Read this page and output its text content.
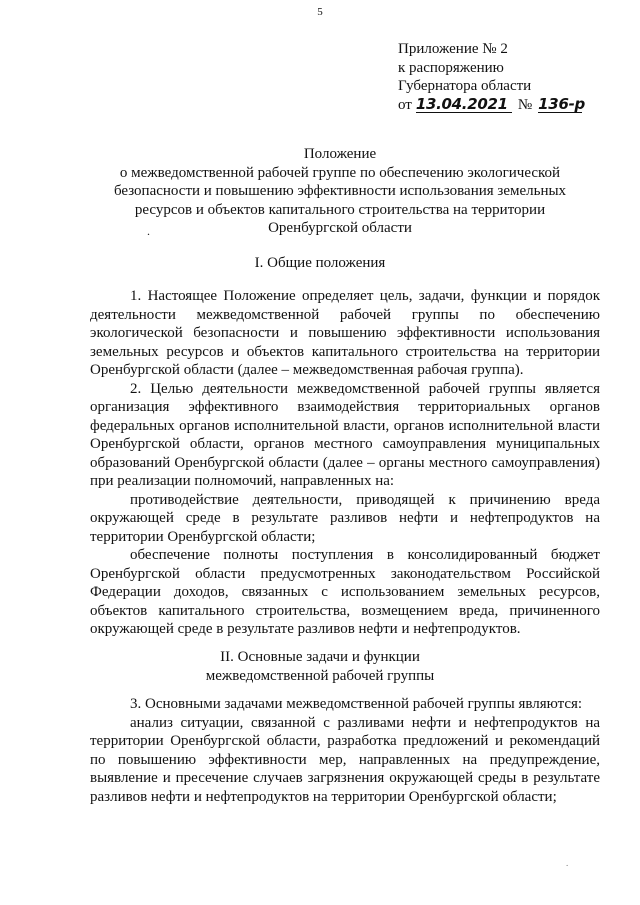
5
Приложение № 2
к распоряжению
Губернатора области
от 13.04.2021 № 136-р
Положение
о межведомственной рабочей группе по обеспечению экологической
безопасности и повышению эффективности использования земельных
ресурсов и объектов капитального строительства на территории
Оренбургской области
.
I. Общие положения

1. Настоящее Положение определяет цель, задачи, функции и порядок деятельности межведомственной рабочей группы по обеспечению экологической безопасности и повышению эффективности использования земельных ресурсов и объектов капитального строительства на территории Оренбургской области (далее – межведомственная рабочая группа).

2. Целью деятельности межведомственной рабочей группы является организация эффективного взаимодействия территориальных органов федеральных органов исполнительной власти, органов исполнительной власти Оренбургской области, органов местного самоуправления муниципальных образований Оренбургской области (далее – органы местного самоуправления) при реализации полномочий, направленных на:

противодействие деятельности, приводящей к причинению вреда окружающей среде в результате разливов нефти и нефтепродуктов на территории Оренбургской области;

обеспечение полноты поступления в консолидированный бюджет Оренбургской области предусмотренных законодательством Российской Федерации доходов, связанных с использованием земельных ресурсов, объектов капитального строительства, возмещением вреда, причиненного окружающей среде в результате разливов нефти и нефтепродуктов.

II. Основные задачи и функции
межведомственной рабочей группы

3. Основными задачами межведомственной рабочей группы являются:

анализ ситуации, связанной с разливами нефти и нефтепродуктов на территории Оренбургской области, разработка предложений и рекомендаций по повышению эффективности мер, направленных на предупреждение, выявление и пресечение случаев загрязнения окружающей среды в результате разливов нефти и нефтепродуктов на территории Оренбургской области;

.
